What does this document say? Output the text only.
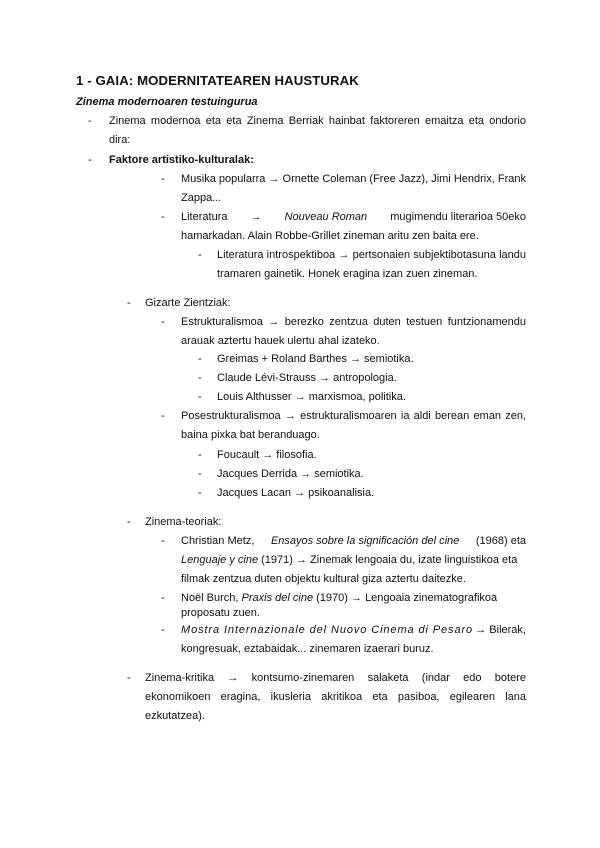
1 - GAIA: MODERNITATEAREN HAUSTURAK

Zinema modernoaren testuingurua

- Zinema modernoa eta eta Zinema Berriak hainbat faktoreren emaitza eta ondorio dira:
- Faktore artistiko-kulturalak:
- Musika popularra → Ornette Coleman (Free Jazz), Jimi Hendrix, Frank Zappa...
- Literatura → Nouveau Roman mugimendu literarioa 50eko
hamarkadan. Alain Robbe-Grillet zineman aritu zen baita ere.
- Literatura introspektiboa → pertsonaien subjektibotasuna landu tramaren gainetik. Honek eragina izan zuen zineman.
- Gizarte Zientziak:
- Estrukturalismoa → berezko zentzua duten testuen funtzionamendu arauak aztertu hauek ulertu ahal izateko.
- Greimas + Roland Barthes → semiotika.
- Claude Lévi-Strauss → antropologia.
- Louis Althusser → marxismoa, politika.
- Posestrukturalismoa → estrukturalismoaren ia aldi berean eman zen, baina pixka bat beranduago.
- Foucault → filosofia.
- Jacques Derrida → semiotika.
- Jacques Lacan → psikoanalisia.
- Zinema-teoriak:
- Christian Metz, Ensayos sobre la significación del cine (1968) eta
Lenguaje y cine (1971) → Zinemak lengoaia du, izate linguistikoa eta
filmak zentzua duten objektu kultural giza aztertu daitezke.
- Noël Burch, Praxis del cine (1970) → Lengoaia zinematografikoa
proposatu zuen.
- Mostra Internazionale del Nuovo Cinema di Pesaro → Bilerak,
kongresuak, eztabaidak... zinemaren izaerari buruz.
- Zinema-kritika → kontsumo-zinemaren salaketa (indar edo botere ekonomikoen eragina, ikusleria akritikoa eta pasiboa, egilearen lana ezkutatzea).
